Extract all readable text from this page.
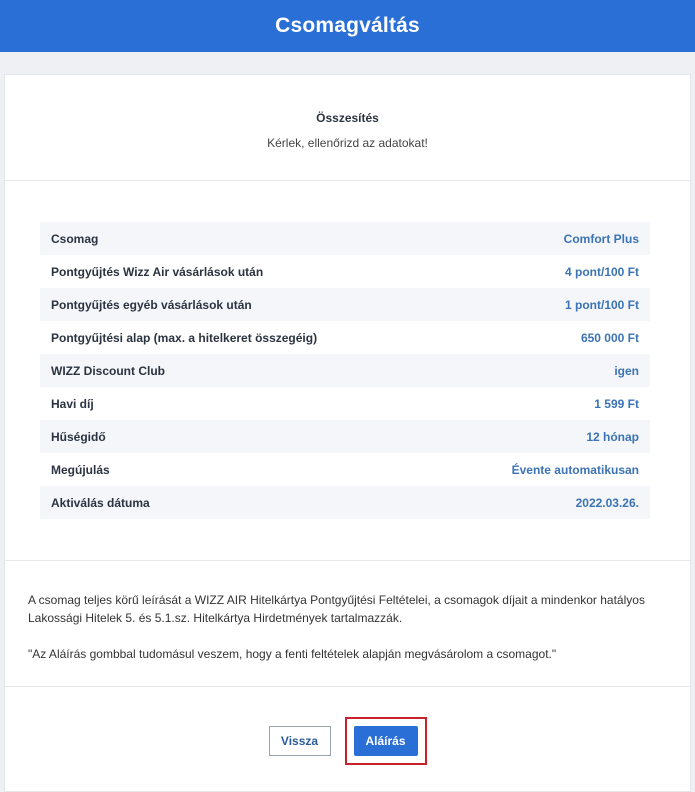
Csomagváltás
Összesítés
Kérlek, ellenőrizd az adatokat!
Csomag	Comfort Plus
Pontgyűjtés Wizz Air vásárlások után	4 pont/100 Ft
Pontgyűjtés egyéb vásárlások után	1 pont/100 Ft
Pontgyűjtési alap (max. a hitelkeret összegéig)	650 000 Ft
WIZZ Discount Club	igen
Havi díj	1 599 Ft
Hűségidő	12 hónap
Megújulás	Évente automatikusan
Aktiválás dátuma	2022.03.26.

A csomag teljes körű leírását a WIZZ AIR Hitelkártya Pontgyűjtési Feltételei, a csomagok díjait a mindenkor hatályos Lakossági Hitelek 5. és 5.1.sz. Hitelkártya Hirdetmények tartalmazzák.

"Az Aláírás gombbal tudomásul veszem, hogy a fenti feltételek alapján megvásárolom a csomagot."

Vissza	Aláírás
